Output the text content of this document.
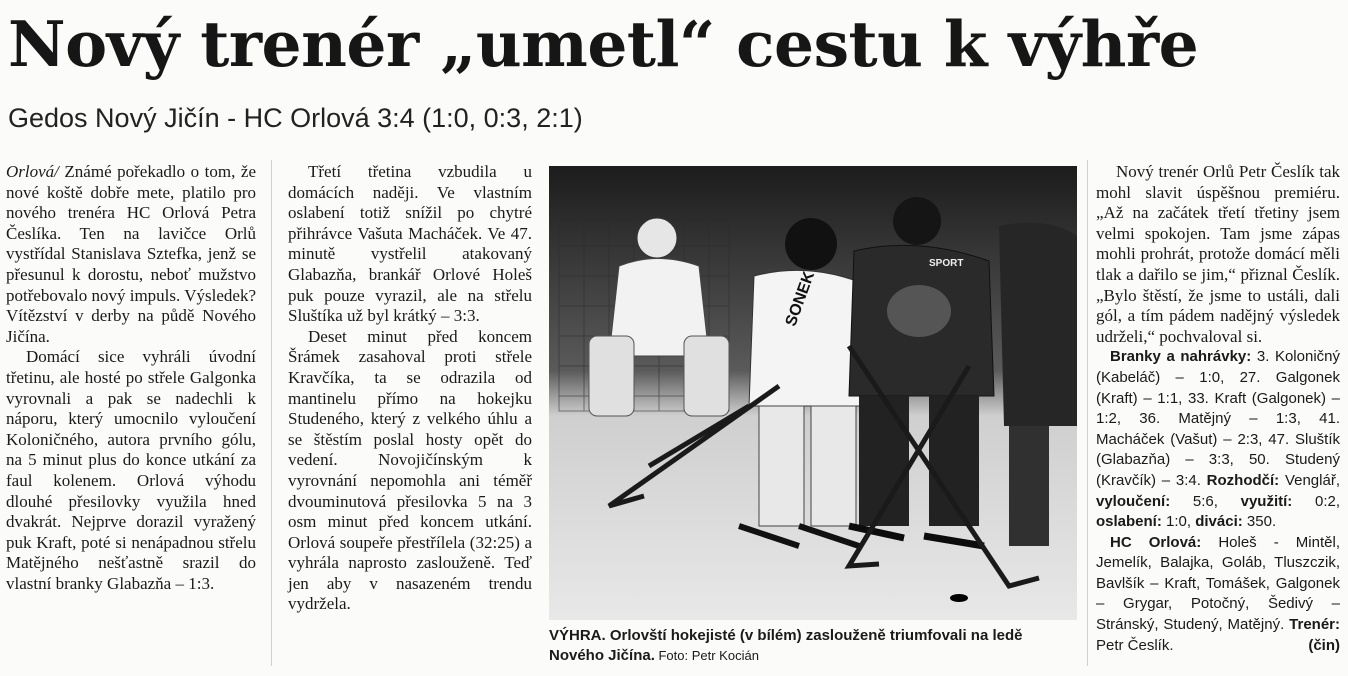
Nový trenér „umetl“ cestu k výhře
Gedos Nový Jičín - HC Orlová 3:4 (1:0, 0:3, 2:1)

Orlová/ Známé pořekadlo o tom, že nové koště dobře mete, platilo pro nového trenéra HC Orlová Petra Česlíka. Ten na lavičce Orlů vystřídal Stanislava Sztefka, jenž se přesunul k dorostu, neboť mužstvo potřebovalo nový impuls. Výsledek? Vítězství v derby na půdě Nového Jičína.

Domácí sice vyhráli úvodní třetinu, ale hosté po střele Galgonka vyrovnali a pak se nadechli k náporu, který umocnilo vyloučení Koloničného, autora prvního gólu, na 5 minut plus do konce utkání za faul kolenem. Orlová výhodu dlouhé přesilovky využila hned dvakrát. Nejprve dorazil vyražený puk Kraft, poté si nenápadnou střelu Matějného nešťastně srazil do vlastní branky Glabazňa – 1:3.

Třetí třetina vzbudila u domácích naději. Ve vlastním oslabení totiž snížil po chytré přihrávce Vašuta Macháček. Ve 47. minutě vystřelil atakovaný Glabazňa, brankář Orlové Holeš puk pouze vyrazil, ale na střelu Sluštíka už byl krátký – 3:3.

Deset minut před koncem Šrámek zasahoval proti střele Kravčíka, ta se odrazila od mantinelu přímo na hokejku Studeného, který z velkého úhlu a se štěstím poslal hosty opět do vedení. Novojičínským k vyrovnání nepomohla ani téměř dvouminutová přesilovka 5 na 3 osm minut před koncem utkání. Orlová soupeře přestřílela (32:25) a vyhrála naprosto zaslouženě. Teď jen aby v nasazeném trendu vydržela.

SONEK
SPORT
VÝHRA. Orlovští hokejisté (v bílém) zaslouženě triumfovali na ledě Nového Jičína. Foto: Petr Kocián

Nový trenér Orlů Petr Česlík tak mohl slavit úspěšnou premiéru. „Až na začátek třetí třetiny jsem velmi spokojen. Tam jsme zápas mohli prohrát, protože domácí měli tlak a dařilo se jim,“ přiznal Česlík. „Bylo štěstí, že jsme to ustáli, dali gól, a tím pádem nadějný výsledek udrželi,“ pochvaloval si.

Branky a nahrávky: 3. Koloničný (Kabeláč) – 1:0, 27. Galgonek (Kraft) – 1:1, 33. Kraft (Galgonek) – 1:2, 36. Matějný – 1:3, 41. Macháček (Vašut) – 2:3, 47. Sluštík (Glabazňa) – 3:3, 50. Studený (Kravčík) – 3:4. Rozhodčí: Venglář, vyloučení: 5:6, využití: 0:2, oslabení: 1:0, diváci: 350.

HC Orlová: Holeš - Mintěl, Jemelík, Balajka, Goláb, Tluszczik, Bavlšík – Kraft, Tomášek, Galgonek – Grygar, Potočný, Šedivý – Stránský, Studený, Matějný. Trenér: Petr Česlík.	(čin)
